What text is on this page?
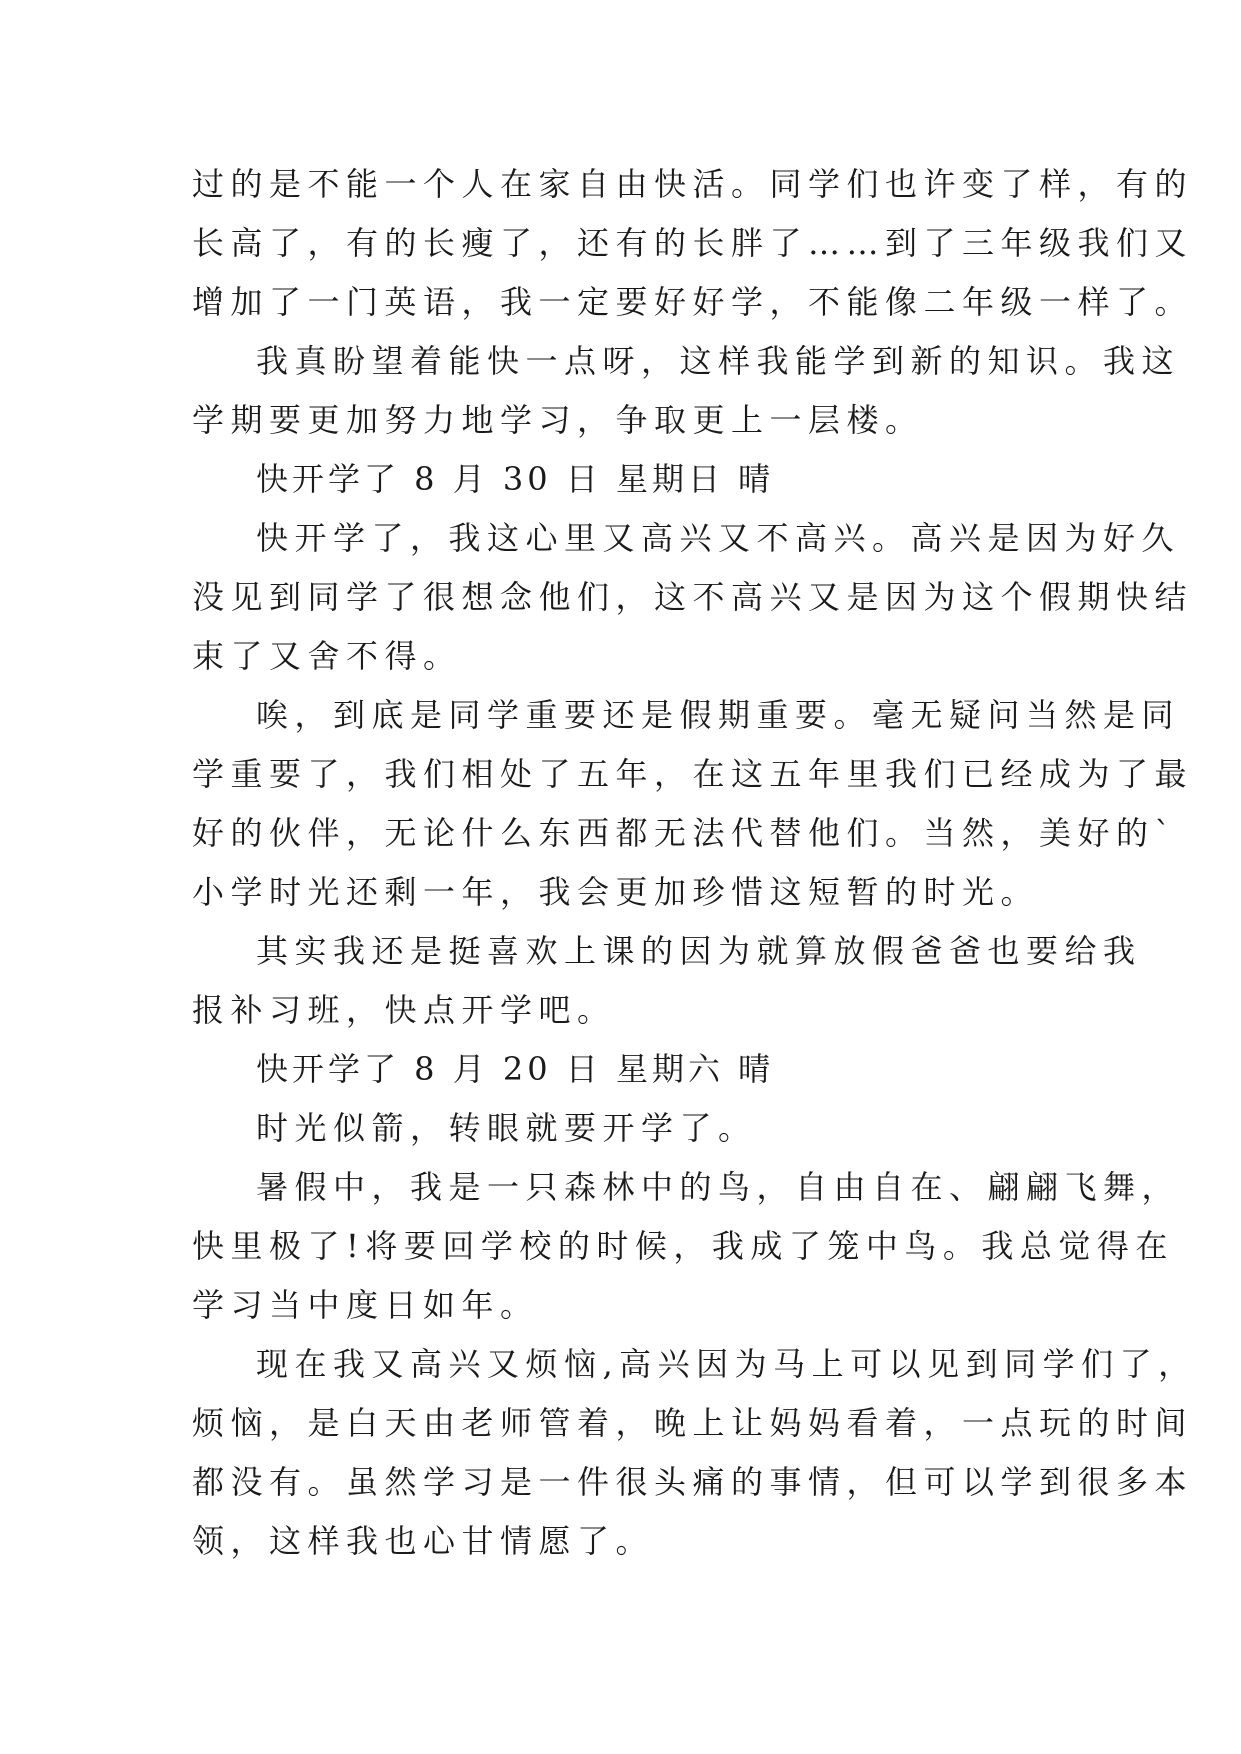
过的是不能一个人在家自由快活。同学们也许变了样，有的
长高了，有的长瘦了，还有的长胖了……到了三年级我们又
增加了一门英语，我一定要好好学，不能像二年级一样了。
我真盼望着能快一点呀，这样我能学到新的知识。我这
学期要更加努力地学习，争取更上一层楼。
快开学了 8 月 30 日 星期日 晴
快开学了，我这心里又高兴又不高兴。高兴是因为好久
没见到同学了很想念他们，这不高兴又是因为这个假期快结
束了又舍不得。
唉，到底是同学重要还是假期重要。毫无疑问当然是同
学重要了，我们相处了五年，在这五年里我们已经成为了最
好的伙伴，无论什么东西都无法代替他们。当然，美好的`
小学时光还剩一年，我会更加珍惜这短暂的时光。
其实我还是挺喜欢上课的因为就算放假爸爸也要给我
报补习班，快点开学吧。
快开学了 8 月 20 日 星期六 晴
时光似箭，转眼就要开学了。
暑假中，我是一只森林中的鸟，自由自在、翩翩飞舞，
快里极了!将要回学校的时候，我成了笼中鸟。我总觉得在
学习当中度日如年。
现在我又高兴又烦恼,高兴因为马上可以见到同学们了，
烦恼，是白天由老师管着，晚上让妈妈看着，一点玩的时间
都没有。虽然学习是一件很头痛的事情，但可以学到很多本
领，这样我也心甘情愿了。
